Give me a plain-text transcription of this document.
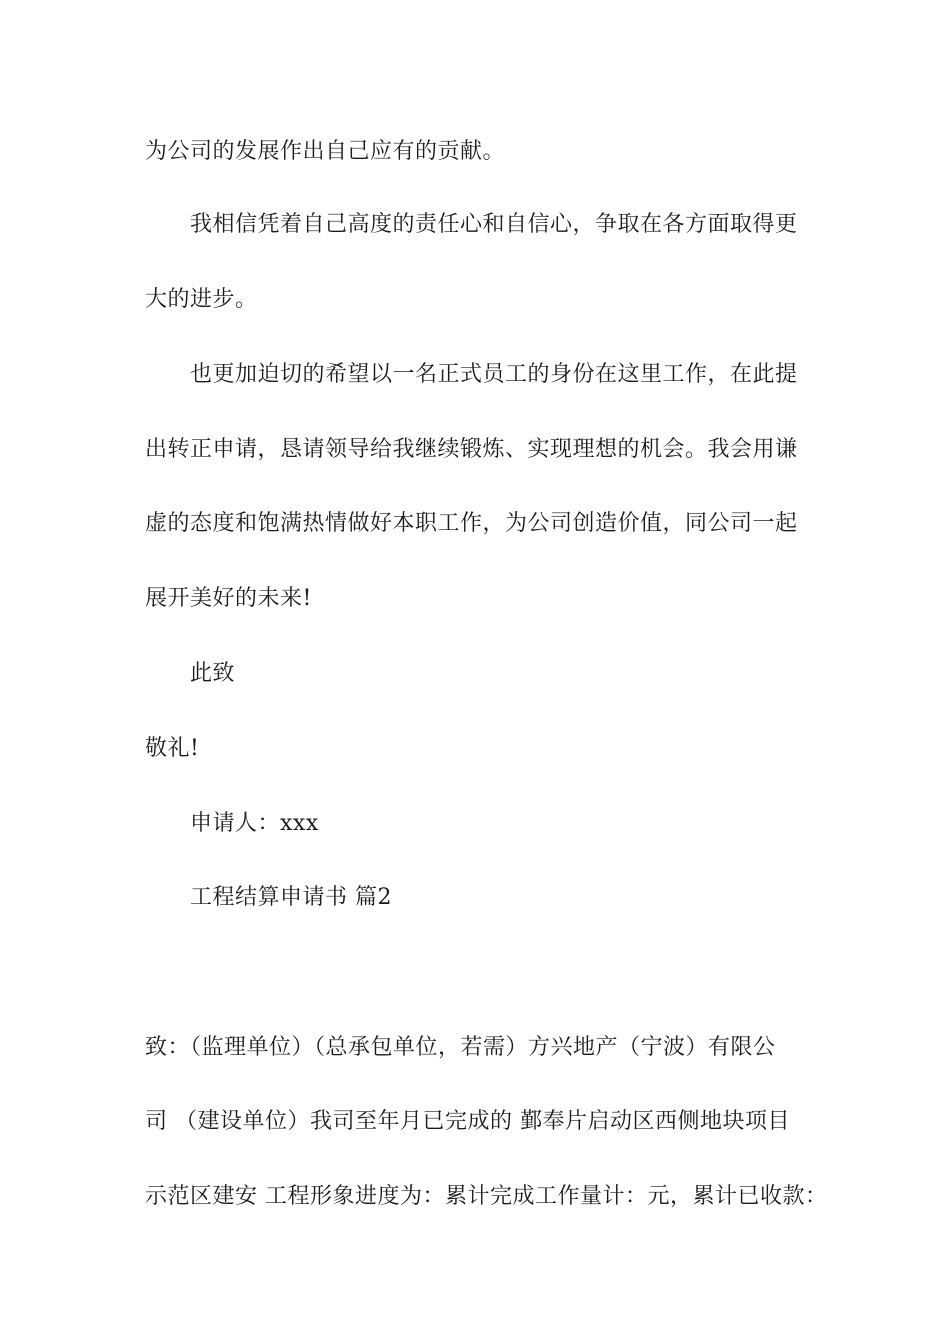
为公司的发展作出自己应有的贡献。
我相信凭着自己高度的责任心和自信心，争取在各方面取得更
大的进步。
也更加迫切的希望以一名正式员工的身份在这里工作，在此提
出转正申请，恳请领导给我继续锻炼、实现理想的机会。我会用谦
虚的态度和饱满热情做好本职工作，为公司创造价值，同公司一起
展开美好的未来!
此致
敬礼!
申请人：xxx
工程结算申请书 篇2
致：（监理单位）（总承包单位，若需）方兴地产（宁波）有限公
司 （建设单位）我司至年月已完成的 鄞奉片启动区西侧地块项目
示范区建安 工程形象进度为：累计完成工作量计：元，累计已收款：
